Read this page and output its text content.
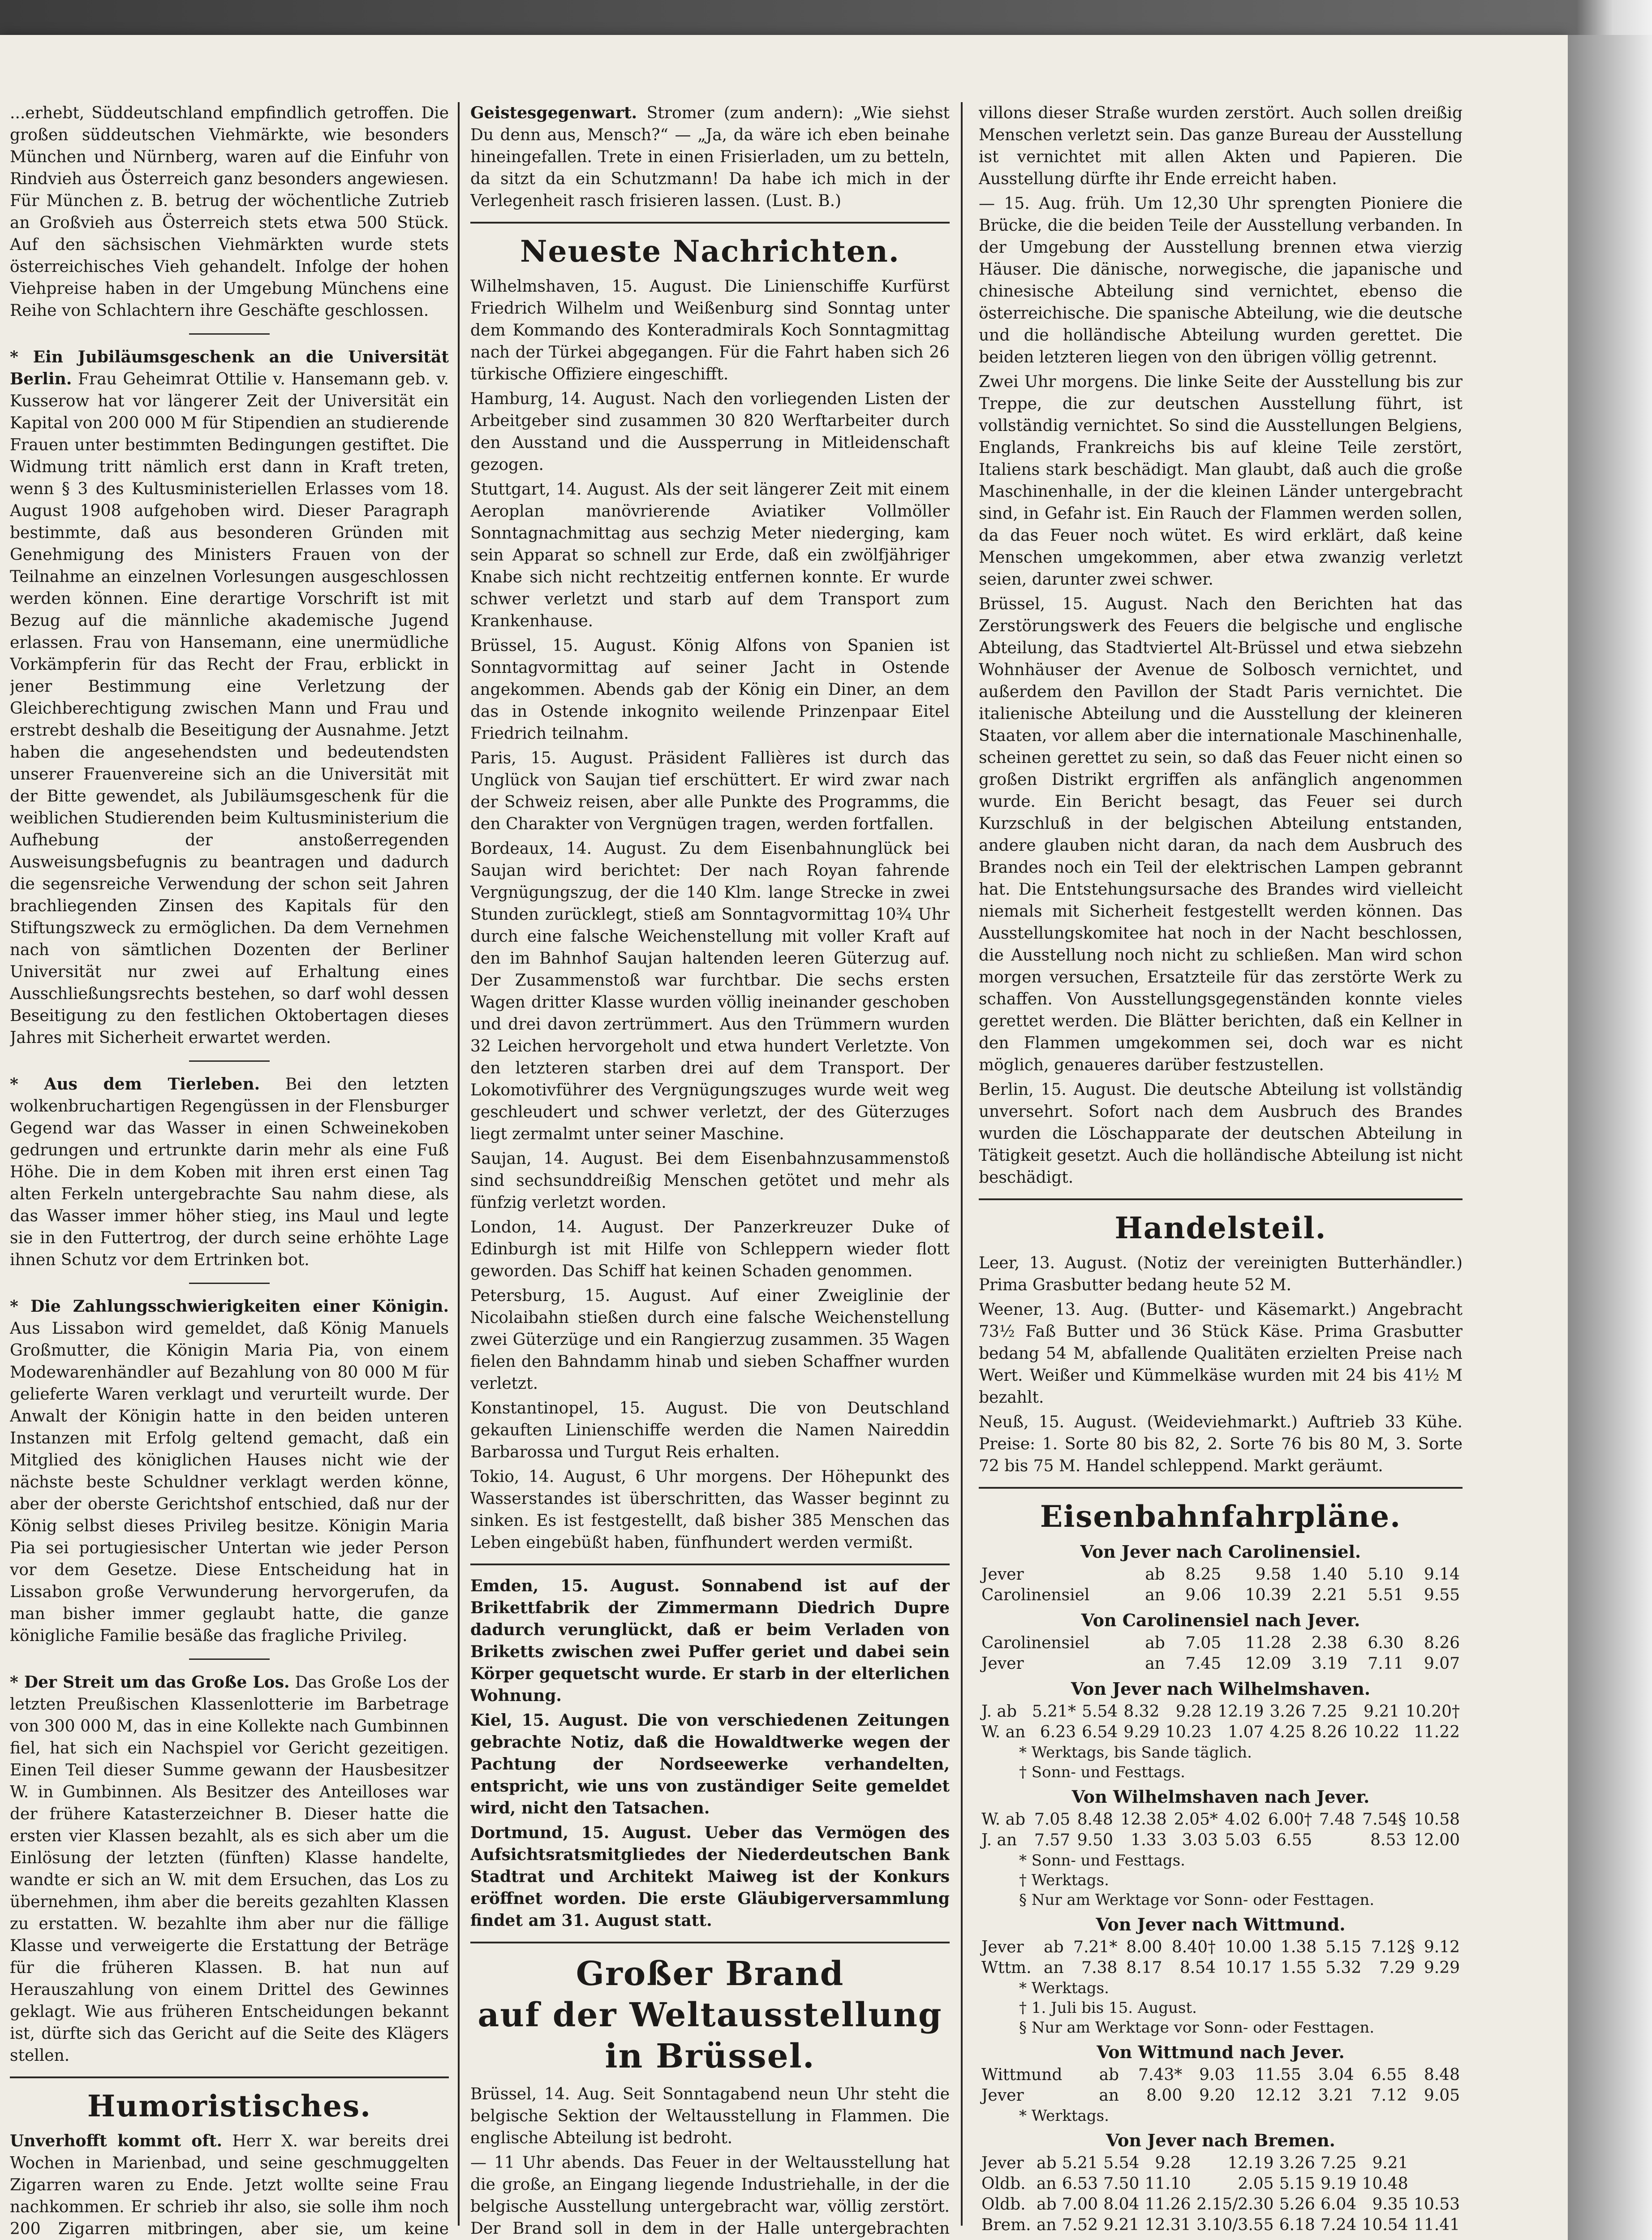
...erhebt, Süddeutschland empfindlich getroffen. Die großen süddeutschen Viehmärkte, wie besonders München und Nürnberg, waren auf die Einfuhr von Rindvieh aus Österreich ganz besonders angewiesen. Für München z. B. betrug der wöchentliche Zutrieb an Großvieh aus Österreich stets etwa 500 Stück. Auf den sächsischen Viehmärkten wurde stets österreichisches Vieh gehandelt. Infolge der hohen Viehpreise haben in der Umgebung Münchens eine Reihe von Schlachtern ihre Geschäfte geschlossen.

* Ein Jubiläumsgeschenk an die Universität Berlin. Frau Geheimrat Ottilie v. Hansemann geb. v. Kusserow hat vor längerer Zeit der Universität ein Kapital von 200 000 M für Stipendien an studierende Frauen unter bestimmten Bedingungen gestiftet. Die Widmung tritt nämlich erst dann in Kraft treten, wenn § 3 des Kultusministeriellen Erlasses vom 18. August 1908 aufgehoben wird. Dieser Paragraph bestimmte, daß aus besonderen Gründen mit Genehmigung des Ministers Frauen von der Teilnahme an einzelnen Vorlesungen ausgeschlossen werden können. Eine derartige Vorschrift ist mit Bezug auf die männliche akademische Jugend erlassen. Frau von Hansemann, eine unermüdliche Vorkämpferin für das Recht der Frau, erblickt in jener Bestimmung eine Verletzung der Gleichberechtigung zwischen Mann und Frau und erstrebt deshalb die Beseitigung der Ausnahme. Jetzt haben die angesehendsten und bedeutendsten unserer Frauenvereine sich an die Universität mit der Bitte gewendet, als Jubiläumsgeschenk für die weiblichen Studierenden beim Kultusministerium die Aufhebung der anstoßerregenden Ausweisungsbefugnis zu beantragen und dadurch die segensreiche Verwendung der schon seit Jahren brachliegenden Zinsen des Kapitals für den Stiftungszweck zu ermöglichen. Da dem Vernehmen nach von sämtlichen Dozenten der Berliner Universität nur zwei auf Erhaltung eines Ausschließungsrechts bestehen, so darf wohl dessen Beseitigung zu den festlichen Oktobertagen dieses Jahres mit Sicherheit erwartet werden.

* Aus dem Tierleben. Bei den letzten wolkenbruchartigen Regengüssen in der Flensburger Gegend war das Wasser in einen Schweinekoben gedrungen und ertrunkte darin mehr als eine Fuß Höhe. Die in dem Koben mit ihren erst einen Tag alten Ferkeln untergebrachte Sau nahm diese, als das Wasser immer höher stieg, ins Maul und legte sie in den Futtertrog, der durch seine erhöhte Lage ihnen Schutz vor dem Ertrinken bot.

* Die Zahlungsschwierigkeiten einer Königin. Aus Lissabon wird gemeldet, daß König Manuels Großmutter, die Königin Maria Pia, von einem Modewarenhändler auf Bezahlung von 80 000 M für gelieferte Waren verklagt und verurteilt wurde. Der Anwalt der Königin hatte in den beiden unteren Instanzen mit Erfolg geltend gemacht, daß ein Mitglied des königlichen Hauses nicht wie der nächste beste Schuldner verklagt werden könne, aber der oberste Gerichtshof entschied, daß nur der König selbst dieses Privileg besitze. Königin Maria Pia sei portugiesischer Untertan wie jeder Person vor dem Gesetze. Diese Entscheidung hat in Lissabon große Verwunderung hervorgerufen, da man bisher immer geglaubt hatte, die ganze königliche Familie besäße das fragliche Privileg.

* Der Streit um das Große Los. Das Große Los der letzten Preußischen Klassenlotterie im Barbetrage von 300 000 M, das in eine Kollekte nach Gumbinnen fiel, hat sich ein Nachspiel vor Gericht gezeitigen. Einen Teil dieser Summe gewann der Hausbesitzer W. in Gumbinnen. Als Besitzer des Anteilloses war der frühere Katasterzeichner B. Dieser hatte die ersten vier Klassen bezahlt, als es sich aber um die Einlösung der letzten (fünften) Klasse handelte, wandte er sich an W. mit dem Ersuchen, das Los zu übernehmen, ihm aber die bereits gezahlten Klassen zu erstatten. W. bezahlte ihm aber nur die fällige Klasse und verweigerte die Erstattung der Beträge für die früheren Klassen. B. hat nun auf Herauszahlung von einem Drittel des Gewinnes geklagt. Wie aus früheren Entscheidungen bekannt ist, dürfte sich das Gericht auf die Seite des Klägers stellen.

Humoristisches.

Unverhofft kommt oft. Herr X. war bereits drei Wochen in Marienbad, und seine geschmuggelten Zigarren waren zu Ende. Jetzt wollte seine Frau nachkommen. Er schrieb ihr also, sie solle ihm noch 200 Zigarren mitbringen, aber sie, um keine

Geistesgegenwart. Stromer (zum andern): „Wie siehst Du denn aus, Mensch?“ — „Ja, da wäre ich eben beinahe hineingefallen. Trete in einen Frisierladen, um zu betteln, da sitzt da ein Schutzmann! Da habe ich mich in der Verlegenheit rasch frisieren lassen. (Lust. B.)

Neueste Nachrichten.

Wilhelmshaven, 15. August. Die Linienschiffe Kurfürst Friedrich Wilhelm und Weißenburg sind Sonntag unter dem Kommando des Konteradmirals Koch Sonntagmittag nach der Türkei abgegangen. Für die Fahrt haben sich 26 türkische Offiziere eingeschifft.

Hamburg, 14. August. Nach den vorliegenden Listen der Arbeitgeber sind zusammen 30 820 Werftarbeiter durch den Ausstand und die Aussperrung in Mitleidenschaft gezogen.

Stuttgart, 14. August. Als der seit längerer Zeit mit einem Aeroplan manövrierende Aviatiker Vollmöller Sonntagnachmittag aus sechzig Meter niederging, kam sein Apparat so schnell zur Erde, daß ein zwölfjähriger Knabe sich nicht rechtzeitig entfernen konnte. Er wurde schwer verletzt und starb auf dem Transport zum Krankenhause.

Brüssel, 15. August. König Alfons von Spanien ist Sonntagvormittag auf seiner Jacht in Ostende angekommen. Abends gab der König ein Diner, an dem das in Ostende inkognito weilende Prinzenpaar Eitel Friedrich teilnahm.

Paris, 15. August. Präsident Fallières ist durch das Unglück von Saujan tief erschüttert. Er wird zwar nach der Schweiz reisen, aber alle Punkte des Programms, die den Charakter von Vergnügen tragen, werden fortfallen.

Bordeaux, 14. August. Zu dem Eisenbahnunglück bei Saujan wird berichtet: Der nach Royan fahrende Vergnügungszug, der die 140 Klm. lange Strecke in zwei Stunden zurücklegt, stieß am Sonntagvormittag 10¾ Uhr durch eine falsche Weichenstellung mit voller Kraft auf den im Bahnhof Saujan haltenden leeren Güterzug auf. Der Zusammenstoß war furchtbar. Die sechs ersten Wagen dritter Klasse wurden völlig ineinander geschoben und drei davon zertrümmert. Aus den Trümmern wurden 32 Leichen hervorgeholt und etwa hundert Verletzte. Von den letzteren starben drei auf dem Transport. Der Lokomotivführer des Vergnügungszuges wurde weit weg geschleudert und schwer verletzt, der des Güterzuges liegt zermalmt unter seiner Maschine.

Saujan, 14. August. Bei dem Eisenbahnzusammenstoß sind sechsunddreißig Menschen getötet und mehr als fünfzig verletzt worden.

London, 14. August. Der Panzerkreuzer Duke of Edinburgh ist mit Hilfe von Schleppern wieder flott geworden. Das Schiff hat keinen Schaden genommen.

Petersburg, 15. August. Auf einer Zweiglinie der Nicolaibahn stießen durch eine falsche Weichenstellung zwei Güterzüge und ein Rangierzug zusammen. 35 Wagen fielen den Bahndamm hinab und sieben Schaffner wurden verletzt.

Konstantinopel, 15. August. Die von Deutschland gekauften Linienschiffe werden die Namen Naireddin Barbarossa und Turgut Reis erhalten.

Tokio, 14. August, 6 Uhr morgens. Der Höhepunkt des Wasserstandes ist überschritten, das Wasser beginnt zu sinken. Es ist festgestellt, daß bisher 385 Menschen das Leben eingebüßt haben, fünfhundert werden vermißt.

Emden, 15. August. Sonnabend ist auf der Brikettfabrik der Zimmermann Diedrich Dupre dadurch verunglückt, daß er beim Verladen von Briketts zwischen zwei Puffer geriet und dabei sein Körper gequetscht wurde. Er starb in der elterlichen Wohnung.

Kiel, 15. August. Die von verschiedenen Zeitungen gebrachte Notiz, daß die Howaldtwerke wegen der Pachtung der Nordseewerke verhandelten, entspricht, wie uns von zuständiger Seite gemeldet wird, nicht den Tatsachen.

Dortmund, 15. August. Ueber das Vermögen des Aufsichtsratsmitgliedes der Niederdeutschen Bank Stadtrat und Architekt Maiweg ist der Konkurs eröffnet worden. Die erste Gläubigerversammlung findet am 31. August statt.

Großer Brand
auf der Weltausstellung in Brüssel.

Brüssel, 14. Aug. Seit Sonntagabend neun Uhr steht die belgische Sektion der Weltausstellung in Flammen. Die englische Abteilung ist bedroht.

— 11 Uhr abends. Das Feuer in der Weltausstellung hat die große, an Eingang liegende Industriehalle, in der die belgische Ausstellung untergebracht war, völlig zerstört. Der Brand soll in dem in der Halle untergebrachten

villons dieser Straße wurden zerstört. Auch sollen dreißig Menschen verletzt sein. Das ganze Bureau der Ausstellung ist vernichtet mit allen Akten und Papieren. Die Ausstellung dürfte ihr Ende erreicht haben.

— 15. Aug. früh. Um 12,30 Uhr sprengten Pioniere die Brücke, die die beiden Teile der Ausstellung verbanden. In der Umgebung der Ausstellung brennen etwa vierzig Häuser. Die dänische, norwegische, die japanische und chinesische Abteilung sind vernichtet, ebenso die österreichische. Die spanische Abteilung, wie die deutsche und die holländische Abteilung wurden gerettet. Die beiden letzteren liegen von den übrigen völlig getrennt.

Zwei Uhr morgens. Die linke Seite der Ausstellung bis zur Treppe, die zur deutschen Ausstellung führt, ist vollständig vernichtet. So sind die Ausstellungen Belgiens, Englands, Frankreichs bis auf kleine Teile zerstört, Italiens stark beschädigt. Man glaubt, daß auch die große Maschinenhalle, in der die kleinen Länder untergebracht sind, in Gefahr ist. Ein Rauch der Flammen werden sollen, da das Feuer noch wütet. Es wird erklärt, daß keine Menschen umgekommen, aber etwa zwanzig verletzt seien, darunter zwei schwer.

Brüssel, 15. August. Nach den Berichten hat das Zerstörungswerk des Feuers die belgische und englische Abteilung, das Stadtviertel Alt-Brüssel und etwa siebzehn Wohnhäuser der Avenue de Solbosch vernichtet, und außerdem den Pavillon der Stadt Paris vernichtet. Die italienische Abteilung und die Ausstellung der kleineren Staaten, vor allem aber die internationale Maschinenhalle, scheinen gerettet zu sein, so daß das Feuer nicht einen so großen Distrikt ergriffen als anfänglich angenommen wurde. Ein Bericht besagt, das Feuer sei durch Kurzschluß in der belgischen Abteilung entstanden, andere glauben nicht daran, da nach dem Ausbruch des Brandes noch ein Teil der elektrischen Lampen gebrannt hat. Die Entstehungsursache des Brandes wird vielleicht niemals mit Sicherheit festgestellt werden können. Das Ausstellungskomitee hat noch in der Nacht beschlossen, die Ausstellung noch nicht zu schließen. Man wird schon morgen versuchen, Ersatzteile für das zerstörte Werk zu schaffen. Von Ausstellungsgegenständen konnte vieles gerettet werden. Die Blätter berichten, daß ein Kellner in den Flammen umgekommen sei, doch war es nicht möglich, genaueres darüber festzustellen.

Berlin, 15. August. Die deutsche Abteilung ist vollständig unversehrt. Sofort nach dem Ausbruch des Brandes wurden die Löschapparate der deutschen Abteilung in Tätigkeit gesetzt. Auch die holländische Abteilung ist nicht beschädigt.

Handelsteil.

Leer, 13. August. (Notiz der vereinigten Butterhändler.) Prima Grasbutter bedang heute 52 M.

Weener, 13. Aug. (Butter- und Käsemarkt.) Angebracht 73½ Faß Butter und 36 Stück Käse. Prima Grasbutter bedang 54 M, abfallende Qualitäten erzielten Preise nach Wert. Weißer und Kümmelkäse wurden mit 24 bis 41½ M bezahlt.

Neuß, 15. August. (Weideviehmarkt.) Auftrieb 33 Kühe. Preise: 1. Sorte 80 bis 82, 2. Sorte 76 bis 80 M, 3. Sorte 72 bis 75 M. Handel schleppend. Markt geräumt.

Eisenbahnfahrpläne.
Von Jever nach Carolinensiel.
Jever	ab	8.25	9.58	1.40	5.10	9.14
Carolinensiel	an	9.06	10.39	2.21	5.51	9.55
Von Carolinensiel nach Jever.
Carolinensiel	ab	7.05	11.28	2.38	6.30	8.26
Jever	an	7.45	12.09	3.19	7.11	9.07
Von Jever nach Wilhelmshaven.
J. ab	5.21*	5.54	8.32	9.28	12.19	3.26	7.25	9.21	10.20†
W. an	6.23	6.54	9.29	10.23	1.07	4.25	8.26	10.22	11.22
* Werktags, bis Sande täglich.
† Sonn- und Festtags.
Von Wilhelmshaven nach Jever.
W. ab	7.05	8.48	12.38	2.05*	4.02	6.00†	7.48	7.54§	10.58
J. an	7.57	9.50	1.33	3.03	5.03	6.55		8.53	12.00
* Sonn- und Festtags.
† Werktags.
§ Nur am Werktage vor Sonn- oder Festtagen.
Von Jever nach Wittmund.
Jever	ab	7.21*	8.00	8.40†	10.00	1.38	5.15	7.12§	9.12
Wttm.	an	7.38	8.17	8.54	10.17	1.55	5.32	7.29	9.29
* Werktags.
† 1. Juli bis 15. August.
§ Nur am Werktage vor Sonn- oder Festtagen.
Von Wittmund nach Jever.
Wittmund	ab	7.43*	9.03	11.55	3.04	6.55	8.48
Jever	an	8.00	9.20	12.12	3.21	7.12	9.05
* Werktags.
Von Jever nach Bremen.
Jever	ab	5.21	5.54	9.28	12.19	3.26	7.25	9.21	
Oldb.	an	6.53	7.50	11.10	2.05	5.15	9.19	10.48	
Oldb.	ab	7.00	8.04	11.26	2.15/2.30	5.26	6.04	9.35	10.53
Brem.	an	7.52	9.21	12.31	3.10/3.55	6.18	7.24	10.54	11.41
